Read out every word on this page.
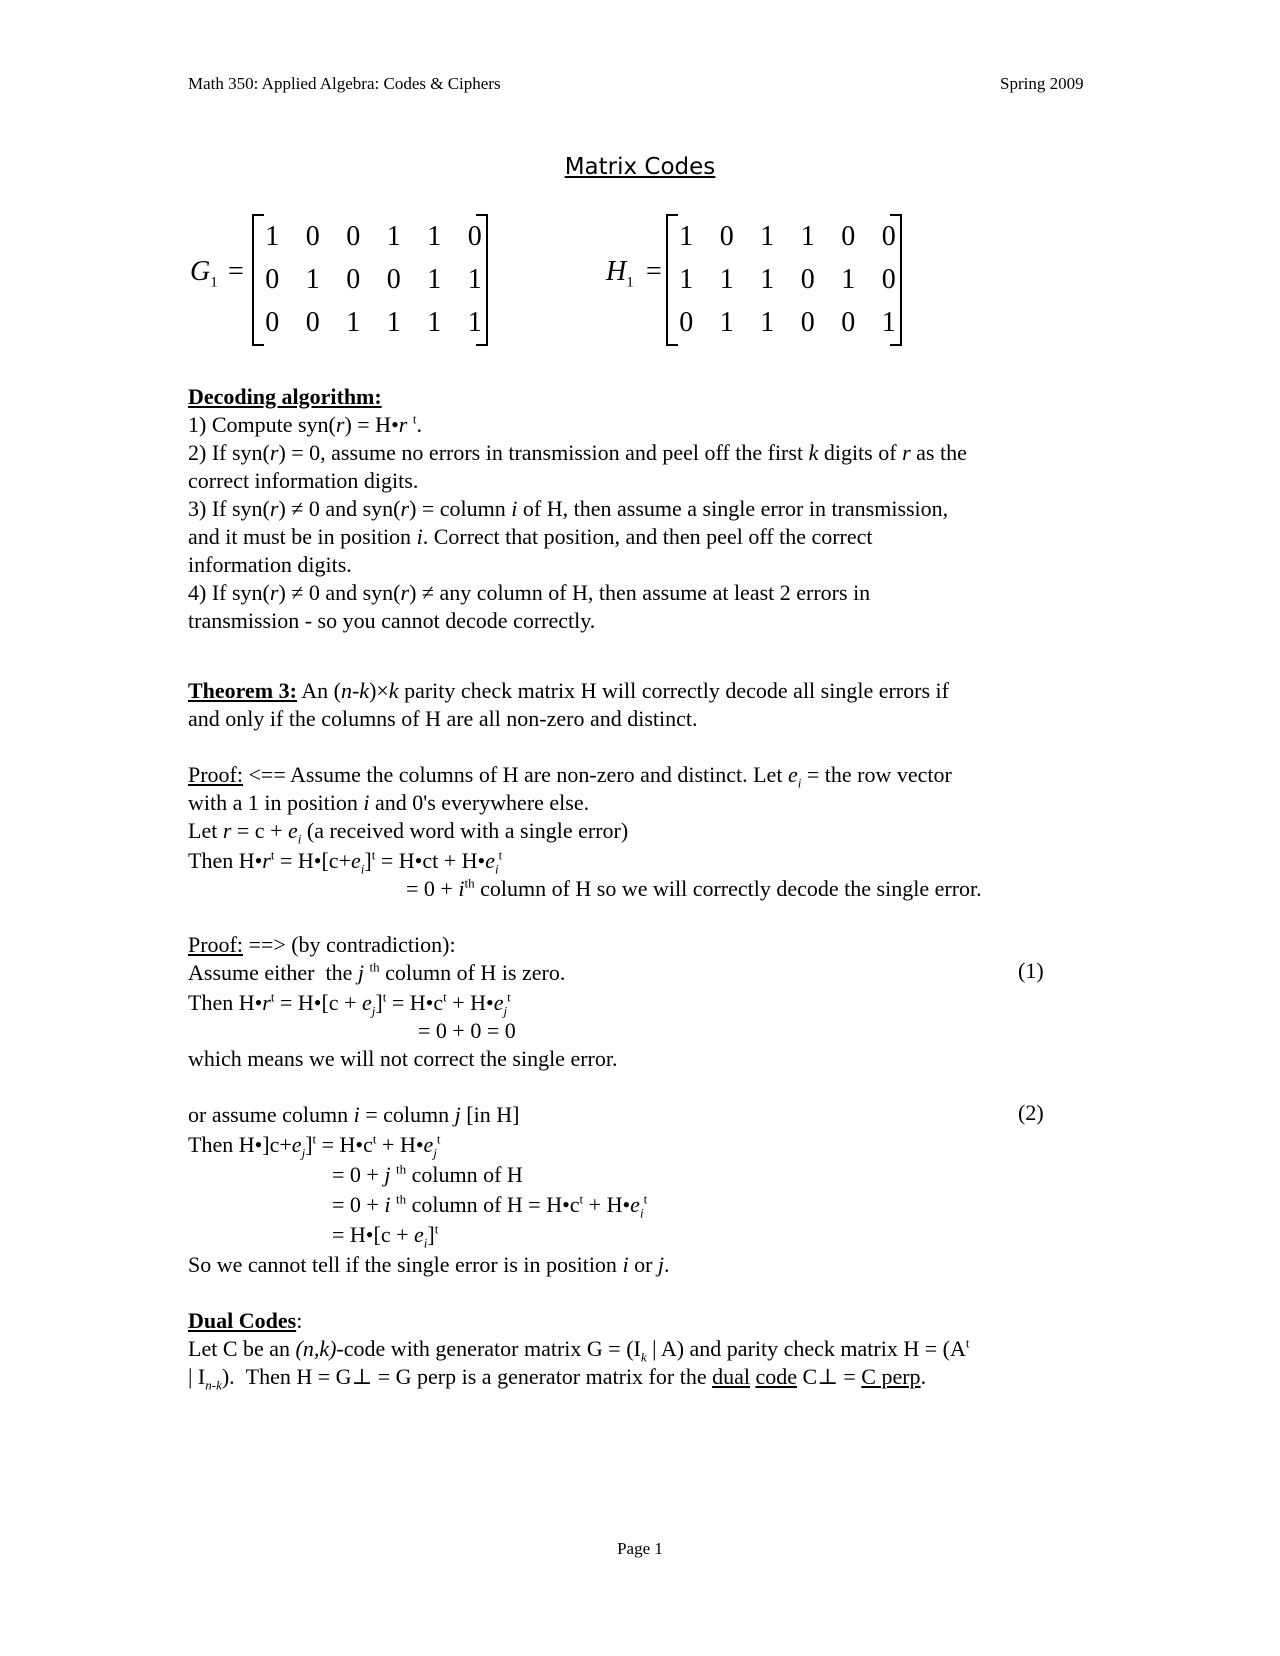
Math 350: Applied Algebra: Codes & Ciphers	Spring 2009
Matrix Codes
$G_1$ =
1 0 0 1 1 0
0 1 0 0 1 1
0 0 1 1 1 1
$H_1$ =
1 0 1 1 0 0
1 1 1 0 1 0
0 1 1 0 0 1
Decoding algorithm:
1) Compute syn(r) = H•r $^t$.
2) If syn(r) = 0, assume no errors in transmission and peel off the first k digits of r as the
correct information digits.
3) If syn(r) ≠ 0 and syn(r) = column i of H, then assume a single error in transmission,
and it must be in position i. Correct that position, and then peel off the correct
information digits.
4) If syn(r) ≠ 0 and syn(r) ≠ any column of H, then assume at least 2 errors in
transmission - so you cannot decode correctly.
Theorem 3: An (n-k)×k parity check matrix H will correctly decode all single errors if
and only if the columns of H are all non-zero and distinct.
Proof: <== Assume the columns of H are non-zero and distinct. Let $e_i$ = the row vector
with a 1 in position i and 0's everywhere else.
Let $r = c + e_i$ (a received word with a single error)
Then $H•r^t$ = $H•[c+e_i]^t$ = H•ct + $H•e_i^t$
= $0 + i^{th}$ column of H so we will correctly decode the single error.
Proof: ==> (by contradiction):
Assume either  the j $^{th}$ column of H is zero.	(1)
Then $H•r^t$ = H•[c + $e_j]^t$ = $H•c^t$ + $H•e_j^t$
= 0 + 0 = 0
which means we will not correct the single error.
or assume column i = column j [in H]	(2)
Then $H•]c+e_j]^t$ = $H•c^t$ + $H•e_j^t$
= 0 + j $^{th}$ column of H
= 0 + i $^{th}$ column of $H = H•c^t$ + $H•e_i^t$
= H•[c + $e_i]^t$
So we cannot tell if the single error is in position i or j.
Dual Codes:
Let C be an (n,k)-code with generator matrix $G = (I_k$ | A) and parity check matrix $H = (A^t$
| $I_{n-k}$).  Then H = G⊥ = G perp is a generator matrix for the dual code C⊥ = C perp.
Page 1
